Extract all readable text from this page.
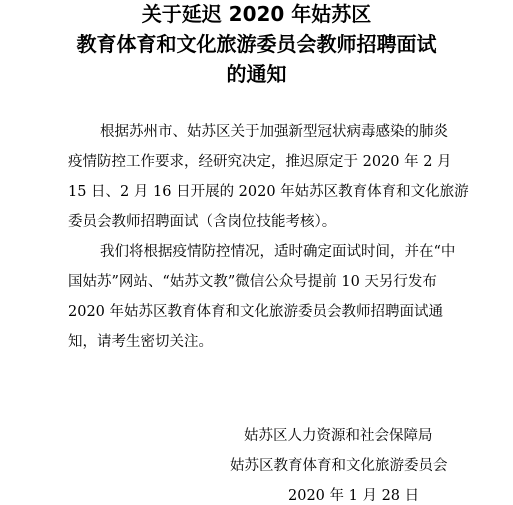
关于延迟 2020 年姑苏区
教育体育和文化旅游委员会教师招聘面试
的通知
根据苏州市、姑苏区关于加强新型冠状病毒感染的肺炎
疫情防控工作要求，经研究决定，推迟原定于 2020 年 2 月
15 日、2 月 16 日开展的 2020 年姑苏区教育体育和文化旅游
委员会教师招聘面试（含岗位技能考核）。
我们将根据疫情防控情况，适时确定面试时间，并在“中
国姑苏”网站、“姑苏文教”微信公众号提前 10 天另行发布
2020 年姑苏区教育体育和文化旅游委员会教师招聘面试通
知，请考生密切关注。
姑苏区人力资源和社会保障局
姑苏区教育体育和文化旅游委员会
2020 年 1 月 28 日
